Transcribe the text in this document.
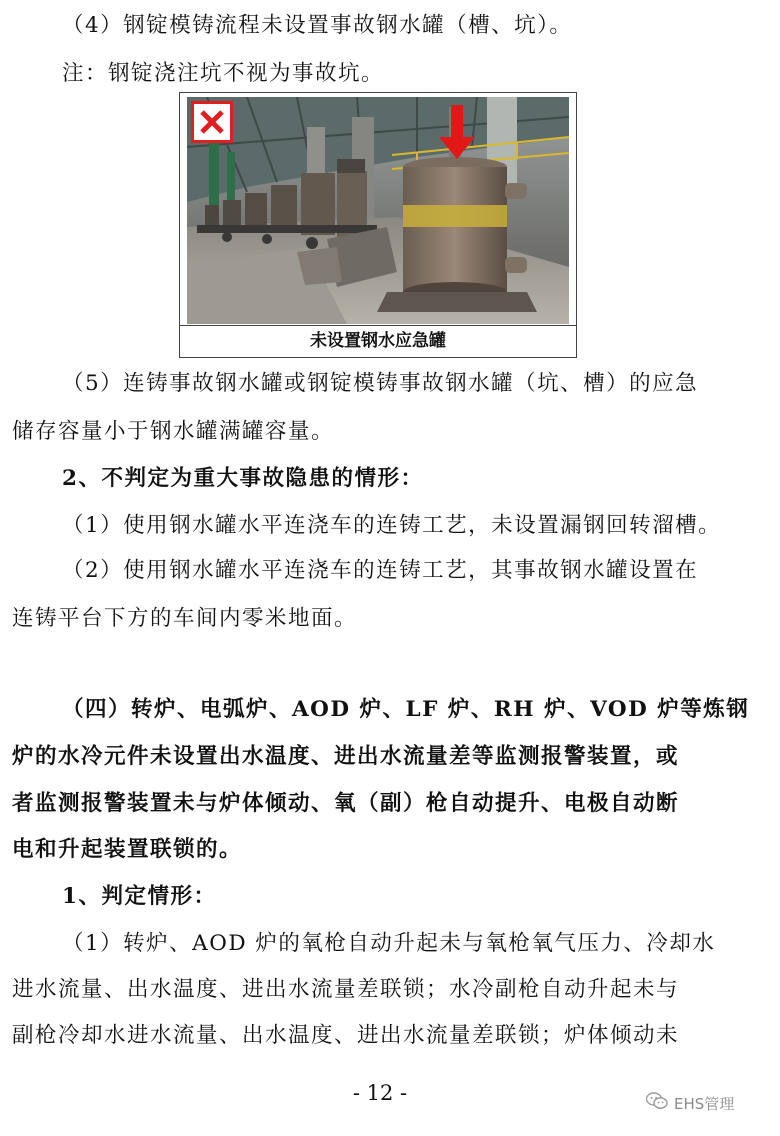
（4）钢锭模铸流程未设置事故钢水罐（槽、坑）。
注：钢锭浇注坑不视为事故坑。
未设置钢水应急罐
（5）连铸事故钢水罐或钢锭模铸事故钢水罐（坑、槽）的应急
储存容量小于钢水罐满罐容量。
2、不判定为重大事故隐患的情形：
（1）使用钢水罐水平连浇车的连铸工艺，未设置漏钢回转溜槽。
（2）使用钢水罐水平连浇车的连铸工艺，其事故钢水罐设置在
连铸平台下方的车间内零米地面。
（四）转炉、电弧炉、AOD 炉、LF 炉、RH 炉、VOD 炉等炼钢
炉的水冷元件未设置出水温度、进出水流量差等监测报警装置，或
者监测报警装置未与炉体倾动、氧（副）枪自动提升、电极自动断
电和升起装置联锁的。
1、判定情形：
（1）转炉、AOD 炉的氧枪自动升起未与氧枪氧气压力、冷却水
进水流量、出水温度、进出水流量差联锁；水冷副枪自动升起未与
副枪冷却水进水流量、出水温度、进出水流量差联锁；炉体倾动未
- 12 -	EHS管理
